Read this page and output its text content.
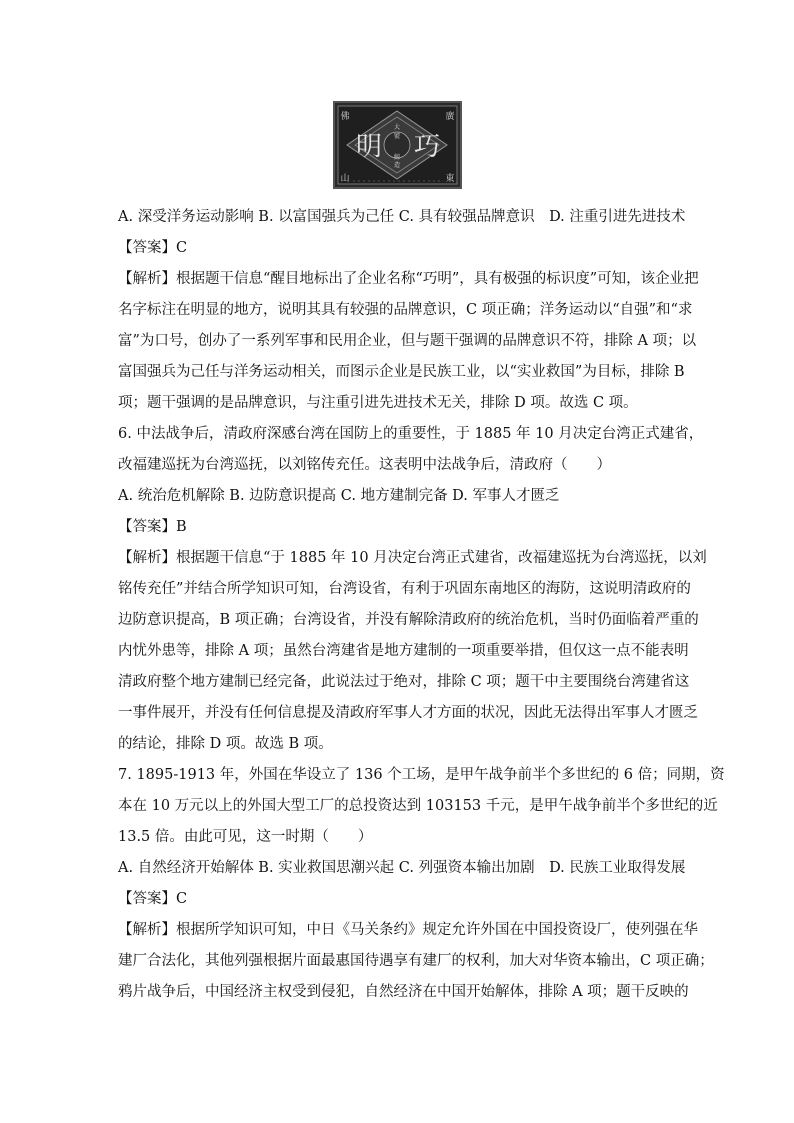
明 巧
佛	廣
山	東
大
號
鯨
造
A. 深受洋务运动影响 B. 以富国强兵为己任 C. 具有较强品牌意识　D. 注重引进先进技术
【答案】C
【解析】根据题干信息“醒目地标出了企业名称“巧明”，具有极强的标识度”可知，该企业把
名字标注在明显的地方，说明其具有较强的品牌意识，C 项正确；洋务运动以“自强”和“求
富”为口号，创办了一系列军事和民用企业，但与题干强调的品牌意识不符，排除 A 项；以
富国强兵为己任与洋务运动相关，而图示企业是民族工业，以“实业救国”为目标，排除 B
项；题干强调的是品牌意识，与注重引进先进技术无关，排除 D 项。故选 C 项。
6. 中法战争后，清政府深感台湾在国防上的重要性，于 1885 年 10 月决定台湾正式建省，
改福建巡抚为台湾巡抚，以刘铭传充任。这表明中法战争后，清政府（　　）
A. 统治危机解除 B. 边防意识提高 C. 地方建制完备 D. 军事人才匮乏
【答案】B
【解析】根据题干信息“于 1885 年 10 月决定台湾正式建省，改福建巡抚为台湾巡抚，以刘
铭传充任”并结合所学知识可知，台湾设省，有利于巩固东南地区的海防，这说明清政府的
边防意识提高，B 项正确；台湾设省，并没有解除清政府的统治危机，当时仍面临着严重的
内忧外患等，排除 A 项；虽然台湾建省是地方建制的一项重要举措，但仅这一点不能表明
清政府整个地方建制已经完备，此说法过于绝对，排除 C 项；题干中主要围绕台湾建省这
一事件展开，并没有任何信息提及清政府军事人才方面的状况，因此无法得出军事人才匮乏
的结论，排除 D 项。故选 B 项。
7. 1895-1913 年，外国在华设立了 136 个工场，是甲午战争前半个多世纪的 6 倍；同期，资
本在 10 万元以上的外国大型工厂的总投资达到 103153 千元，是甲午战争前半个多世纪的近
13.5 倍。由此可见，这一时期（　　）
A. 自然经济开始解体 B. 实业救国思潮兴起 C. 列强资本输出加剧　D. 民族工业取得发展
【答案】C
【解析】根据所学知识可知，中日《马关条约》规定允许外国在中国投资设厂，使列强在华
建厂合法化，其他列强根据片面最惠国待遇享有建厂的权利，加大对华资本输出，C 项正确；
鸦片战争后，中国经济主权受到侵犯，自然经济在中国开始解体，排除 A 项；题干反映的
